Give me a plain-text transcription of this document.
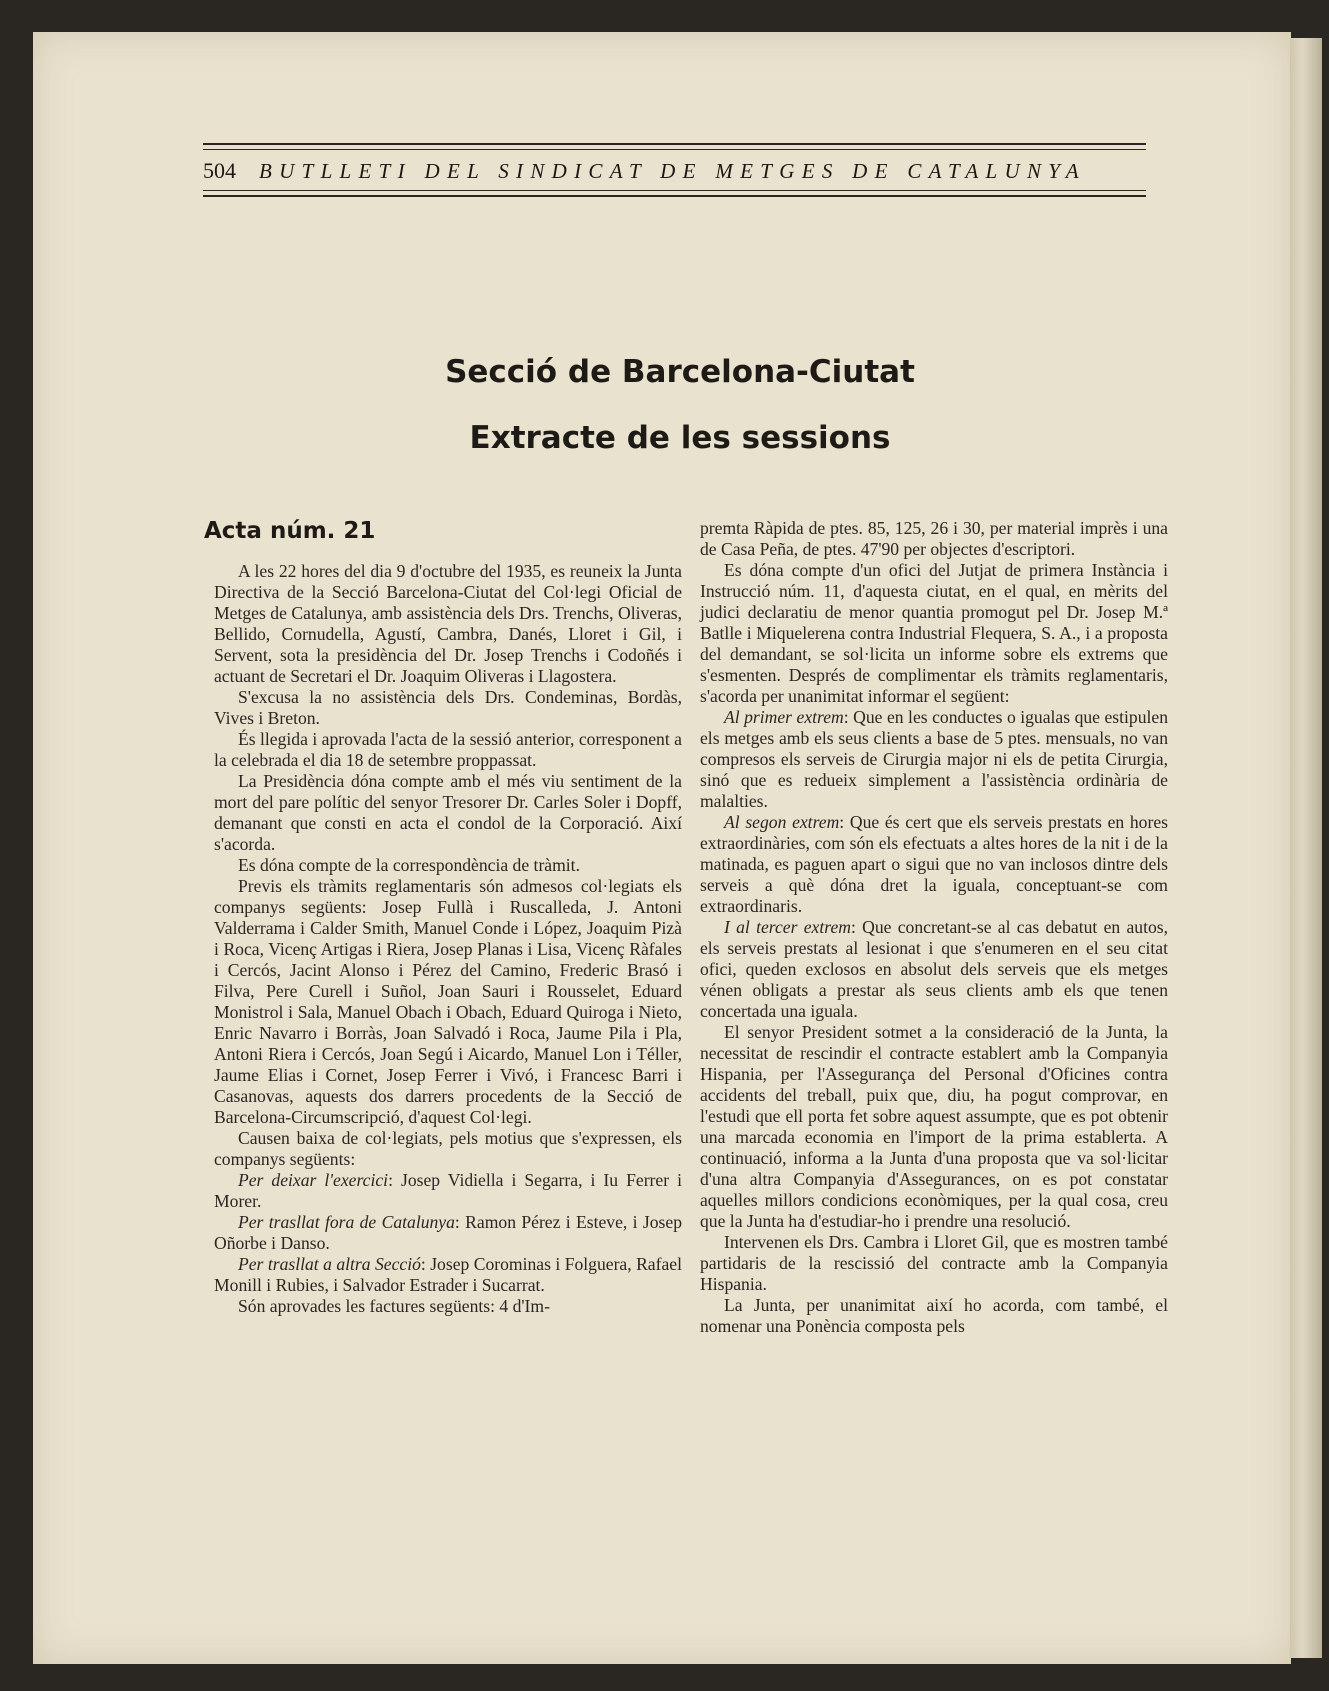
504	BUTLLETI DEL SINDICAT DE METGES DE CATALUNYA
Secció de Barcelona-Ciutat
Extracte de les sessions
Acta núm. 21

A les 22 hores del dia 9 d'octubre del 1935, es reuneix la Junta Directiva de la Secció Barcelona-Ciutat del Col·legi Oficial de Metges de Catalunya, amb assistència dels Drs. Trenchs, Oliveras, Bellido, Cornudella, Agustí, Cambra, Danés, Lloret i Gil, i Servent, sota la presidència del Dr. Josep Trenchs i Codoñés i actuant de Secretari el Dr. Joaquim Oliveras i Llagostera.

S'excusa la no assistència dels Drs. Condeminas, Bordàs, Vives i Breton.

És llegida i aprovada l'acta de la sessió anterior, corresponent a la celebrada el dia 18 de setembre proppassat.

La Presidència dóna compte amb el més viu sentiment de la mort del pare polític del senyor Tresorer Dr. Carles Soler i Dopff, demanant que consti en acta el condol de la Corporació. Així s'acorda.

Es dóna compte de la correspondència de tràmit.

Previs els tràmits reglamentaris són admesos col·legiats els companys següents: Josep Fullà i Ruscalleda, J. Antoni Valderrama i Calder Smith, Manuel Conde i López, Joaquim Pizà i Roca, Vicenç Artigas i Riera, Josep Planas i Lisa, Vicenç Ràfales i Cercós, Jacint Alonso i Pérez del Camino, Frederic Brasó i Filva, Pere Curell i Suñol, Joan Sauri i Rousselet, Eduard Monistrol i Sala, Manuel Obach i Obach, Eduard Quiroga i Nieto, Enric Navarro i Borràs, Joan Salvadó i Roca, Jaume Pila i Pla, Antoni Riera i Cercós, Joan Segú i Aicardo, Manuel Lon i Téller, Jaume Elias i Cornet, Josep Ferrer i Vivó, i Francesc Barri i Casanovas, aquests dos darrers procedents de la Secció de Barcelona-Circumscripció, d'aquest Col·legi.

Causen baixa de col·legiats, pels motius que s'expressen, els companys següents:

Per deixar l'exercici: Josep Vidiella i Segarra, i Iu Ferrer i Morer.

Per trasllat fora de Catalunya: Ramon Pérez i Esteve, i Josep Oñorbe i Danso.

Per trasllat a altra Secció: Josep Corominas i Folguera, Rafael Monill i Rubies, i Salvador Estrader i Sucarrat.

Són aprovades les factures següents: 4 d'Im-

premta Ràpida de ptes. 85, 125, 26 i 30, per material imprès i una de Casa Peña, de ptes. 47'90 per objectes d'escriptori.

Es dóna compte d'un ofici del Jutjat de primera Instància i Instrucció núm. 11, d'aquesta ciutat, en el qual, en mèrits del judici declaratiu de menor quantia promogut pel Dr. Josep M.ª Batlle i Miquelerena contra Industrial Flequera, S. A., i a proposta del demandant, se sol·licita un informe sobre els extrems que s'esmenten. Després de complimentar els tràmits reglamentaris, s'acorda per unanimitat informar el següent:

Al primer extrem: Que en les conductes o igualas que estipulen els metges amb els seus clients a base de 5 ptes. mensuals, no van compresos els serveis de Cirurgia major ni els de petita Cirurgia, sinó que es redueix simplement a l'assistència ordinària de malalties.

Al segon extrem: Que és cert que els serveis prestats en hores extraordinàries, com són els efectuats a altes hores de la nit i de la matinada, es paguen apart o sigui que no van inclosos dintre dels serveis a què dóna dret la iguala, conceptuant-se com extraordinaris.

I al tercer extrem: Que concretant-se al cas debatut en autos, els serveis prestats al lesionat i que s'enumeren en el seu citat ofici, queden exclosos en absolut dels serveis que els metges vénen obligats a prestar als seus clients amb els que tenen concertada una iguala.

El senyor President sotmet a la consideració de la Junta, la necessitat de rescindir el contracte establert amb la Companyia Hispania, per l'Assegurança del Personal d'Oficines contra accidents del treball, puix que, diu, ha pogut comprovar, en l'estudi que ell porta fet sobre aquest assumpte, que es pot obtenir una marcada economia en l'import de la prima establerta. A continuació, informa a la Junta d'una proposta que va sol·licitar d'una altra Companyia d'Assegurances, on es pot constatar aquelles millors condicions econòmiques, per la qual cosa, creu que la Junta ha d'estudiar-ho i prendre una resolució.

Intervenen els Drs. Cambra i Lloret Gil, que es mostren també partidaris de la rescissió del contracte amb la Companyia Hispania.

La Junta, per unanimitat així ho acorda, com també, el nomenar una Ponència composta pels
